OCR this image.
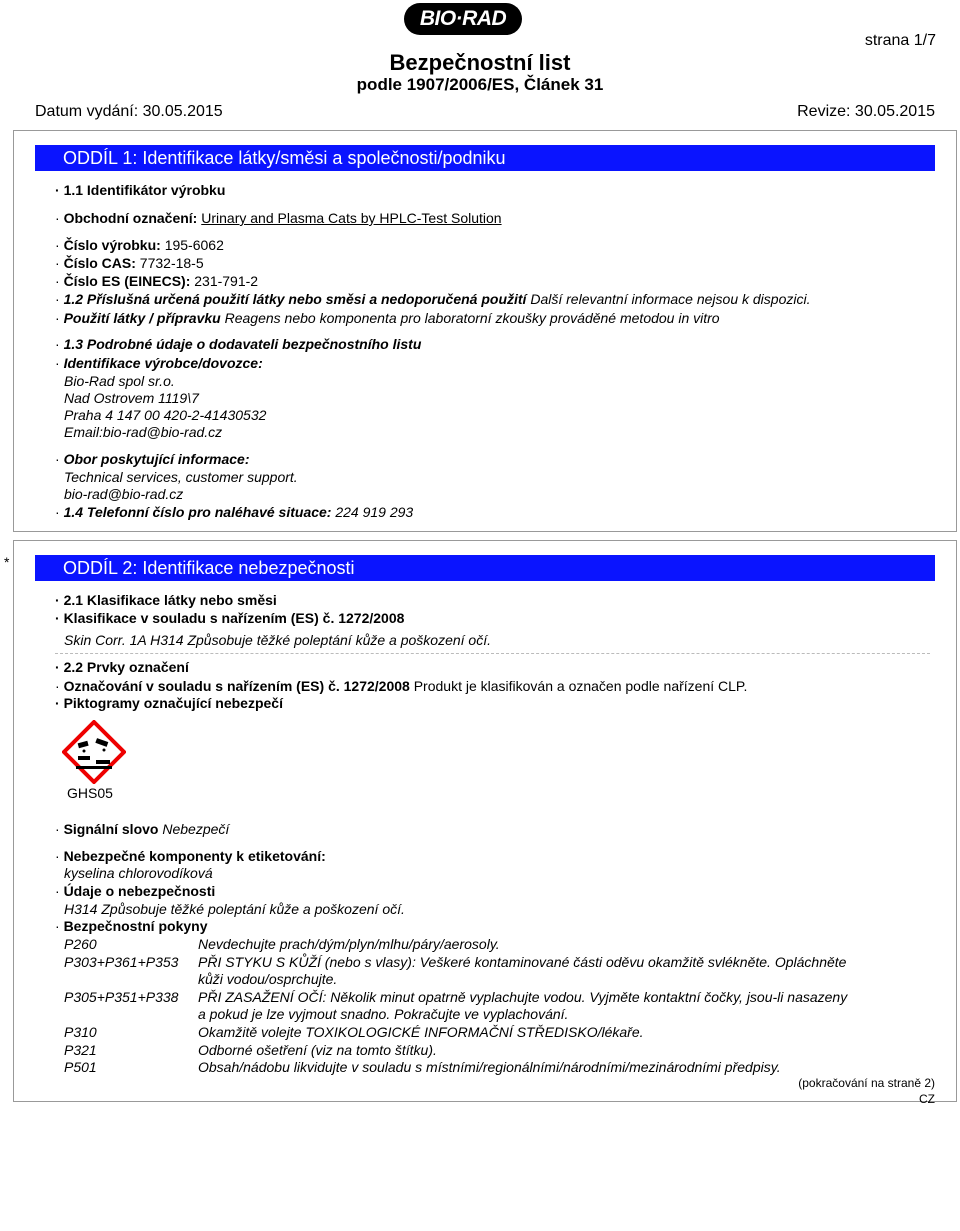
BIO·RAD
strana 1/7
Bezpečnostní list
podle 1907/2006/ES, Článek 31
Datum vydání: 30.05.2015	Revize: 30.05.2015
ODDÍL 1: Identifikace látky/směsi a společnosti/podniku
· 1.1 Identifikátor výrobku
· Obchodní označení: Urinary and Plasma Cats by HPLC-Test Solution
· Číslo výrobku: 195-6062
· Číslo CAS: 7732-18-5
· Číslo ES (EINECS): 231-791-2
· 1.2 Příslušná určená použití látky nebo směsi a nedoporučená použití Další relevantní informace nejsou k dispozici.
· Použití látky / přípravku Reagens nebo komponenta pro laboratorní zkoušky prováděné metodou in vitro
· 1.3 Podrobné údaje o dodavateli bezpečnostního listu
· Identifikace výrobce/dovozce:
Bio-Rad spol sr.o.
Nad Ostrovem 1119\7
Praha 4 147 00 420-2-41430532
Email:bio-rad@bio-rad.cz
· Obor poskytující informace:
Technical services, customer support.
bio-rad@bio-rad.cz
· 1.4 Telefonní číslo pro naléhavé situace: 224 919 293
*	ODDÍL 2: Identifikace nebezpečnosti
· 2.1 Klasifikace látky nebo směsi
· Klasifikace v souladu s nařízením (ES) č. 1272/2008
Skin Corr. 1A H314 Způsobuje těžké poleptání kůže a poškození očí.
· 2.2 Prvky označení
· Označování v souladu s nařízením (ES) č. 1272/2008 Produkt je klasifikován a označen podle nařízení CLP.
· Piktogramy označující nebezpečí
GHS05
· Signální slovo Nebezpečí
· Nebezpečné komponenty k etiketování:
kyselina chlorovodíková
· Údaje o nebezpečnosti
H314 Způsobuje těžké poleptání kůže a poškození očí.
· Bezpečnostní pokyny
P260	Nevdechujte prach/dým/plyn/mlhu/páry/aerosoly.
P303+P361+P353 PŘI STYKU S KŮŽÍ (nebo s vlasy): Veškeré kontaminované části oděvu okamžitě svlékněte. Opláchněte
kůži vodou/osprchujte.
P305+P351+P338 PŘI ZASAŽENÍ OČÍ: Několik minut opatrně vyplachujte vodou. Vyjměte kontaktní čočky, jsou-li nasazeny
a pokud je lze vyjmout snadno. Pokračujte ve vyplachování.
P310	Okamžitě volejte TOXIKOLOGICKÉ INFORMAČNÍ STŘEDISKO/lékaře.
P321	Odborné ošetření (viz na tomto štítku).
P501	Obsah/nádobu likvidujte v souladu s místními/regionálními/národními/mezinárodními předpisy.
(pokračování na straně 2)
CZ
